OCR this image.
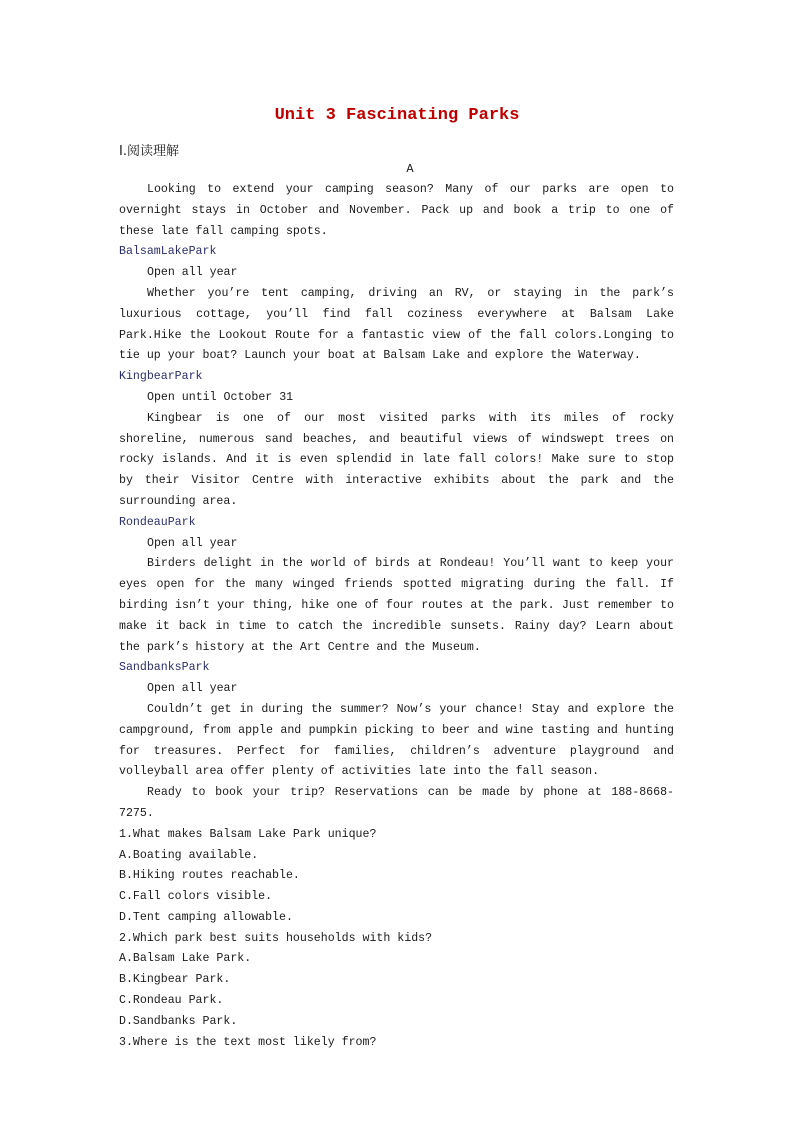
Unit 3 Fascinating Parks
Ⅰ.阅读理解
A

Looking to extend your camping season? Many of our parks are open to overnight stays in October and November. Pack up and book a trip to one of these late fall camping spots.

BalsamLakePark

Open all year

Whether you’re tent camping, driving an RV, or staying in the park’s luxurious cottage, you’ll find fall coziness everywhere at Balsam Lake Park.Hike the Lookout Route for a fantastic view of the fall colors.Longing to tie up your boat? Launch your boat at Balsam Lake and explore the Waterway.

KingbearPark

Open until October 31

Kingbear is one of our most visited parks with its miles of rocky shoreline, numerous sand beaches, and beautiful views of windswept trees on rocky islands. And it is even splendid in late fall colors! Make sure to stop by their Visitor Centre with interactive exhibits about the park and the surrounding area.

RondeauPark

Open all year

Birders delight in the world of birds at Rondeau! You’ll want to keep your eyes open for the many winged friends spotted migrating during the fall. If birding isn’t your thing, hike one of four routes at the park. Just remember to make it back in time to catch the incredible sunsets. Rainy day? Learn about the park’s history at the Art Centre and the Museum.

SandbanksPark

Open all year

Couldn’t get in during the summer? Now’s your chance! Stay and explore the campground, from apple and pumpkin picking to beer and wine tasting and hunting for treasures. Perfect for families, children’s adventure playground and volleyball area offer plenty of activities late into the fall season.

Ready to book your trip? Reservations can be made by phone at 188-8668-7275.

1.What makes Balsam Lake Park unique?

A.Boating available.

B.Hiking routes reachable.

C.Fall colors visible.

D.Tent camping allowable.

2.Which park best suits households with kids?

A.Balsam Lake Park.

B.Kingbear Park.

C.Rondeau Park.

D.Sandbanks Park.

3.Where is the text most likely from?
